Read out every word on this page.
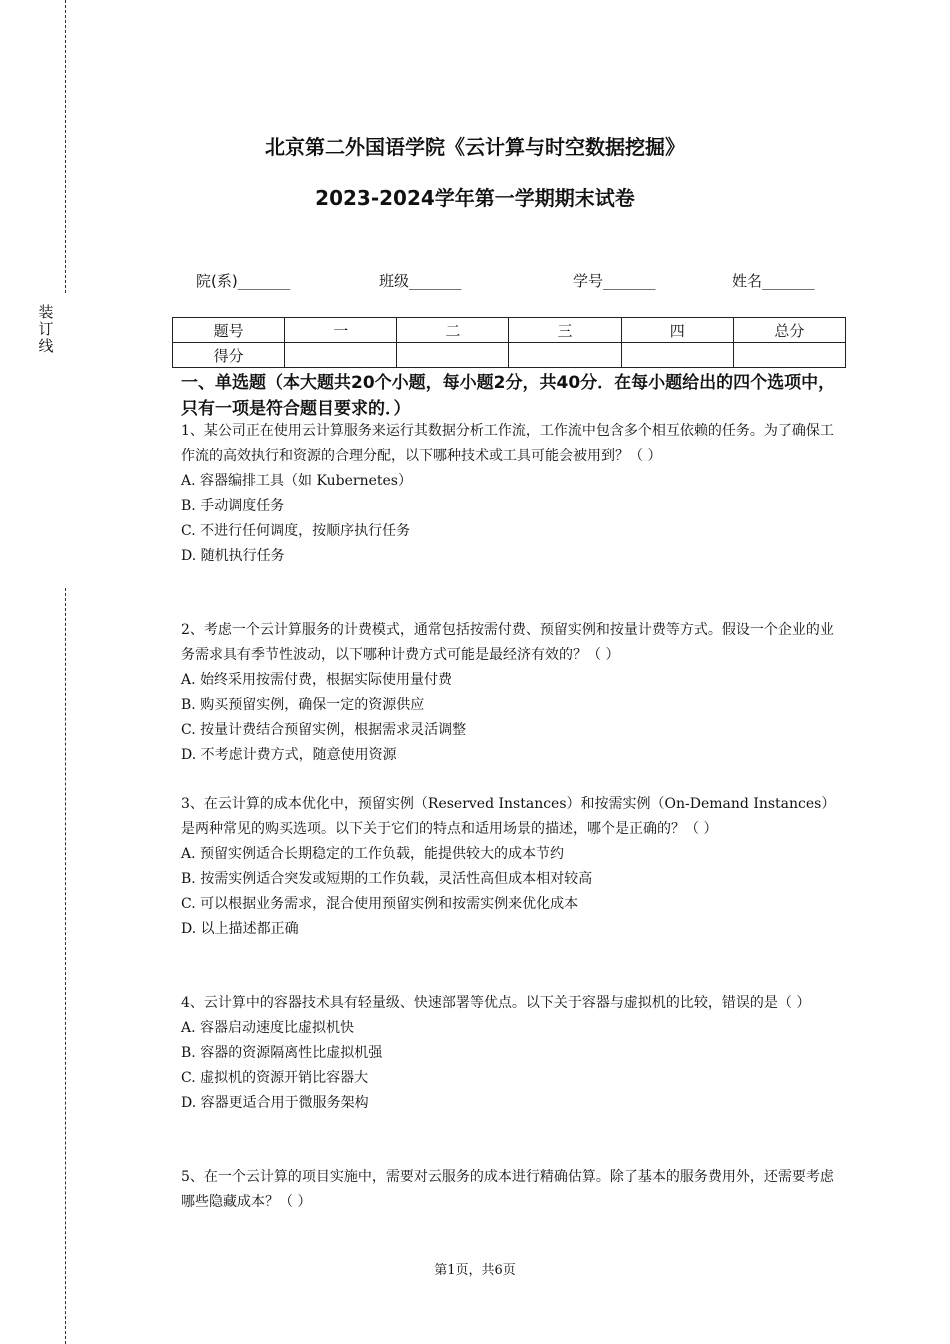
装
订
线
北京第二外国语学院《云计算与时空数据挖掘》
2023-2024学年第一学期期末试卷
院(系)_______	班级_______	学号_______	姓名_______
题号	一	二	三	四	总分
得分					
一、单选题（本大题共20个小题，每小题2分，共40分．在每小题给出的四个选项中，只有一项是符合题目要求的．）
1、某公司正在使用云计算服务来运行其数据分析工作流，工作流中包含多个相互依赖的任务。为了确保工作流的高效执行和资源的合理分配，以下哪种技术或工具可能会被用到？（ ）
A. 容器编排工具（如 Kubernetes）
B. 手动调度任务
C. 不进行任何调度，按顺序执行任务
D. 随机执行任务
2、考虑一个云计算服务的计费模式，通常包括按需付费、预留实例和按量计费等方式。假设一个企业的业务需求具有季节性波动，以下哪种计费方式可能是最经济有效的？（ ）
A. 始终采用按需付费，根据实际使用量付费
B. 购买预留实例，确保一定的资源供应
C. 按量计费结合预留实例，根据需求灵活调整
D. 不考虑计费方式，随意使用资源
3、在云计算的成本优化中，预留实例（Reserved Instances）和按需实例（On-Demand Instances）是两种常见的购买选项。以下关于它们的特点和适用场景的描述，哪个是正确的？（ ）
A. 预留实例适合长期稳定的工作负载，能提供较大的成本节约
B. 按需实例适合突发或短期的工作负载，灵活性高但成本相对较高
C. 可以根据业务需求，混合使用预留实例和按需实例来优化成本
D. 以上描述都正确
4、云计算中的容器技术具有轻量级、快速部署等优点。以下关于容器与虚拟机的比较，错误的是（ ）
A. 容器启动速度比虚拟机快
B. 容器的资源隔离性比虚拟机强
C. 虚拟机的资源开销比容器大
D. 容器更适合用于微服务架构
5、在一个云计算的项目实施中，需要对云服务的成本进行精确估算。除了基本的服务费用外，还需要考虑哪些隐藏成本？（ ）
第1页，共6页
